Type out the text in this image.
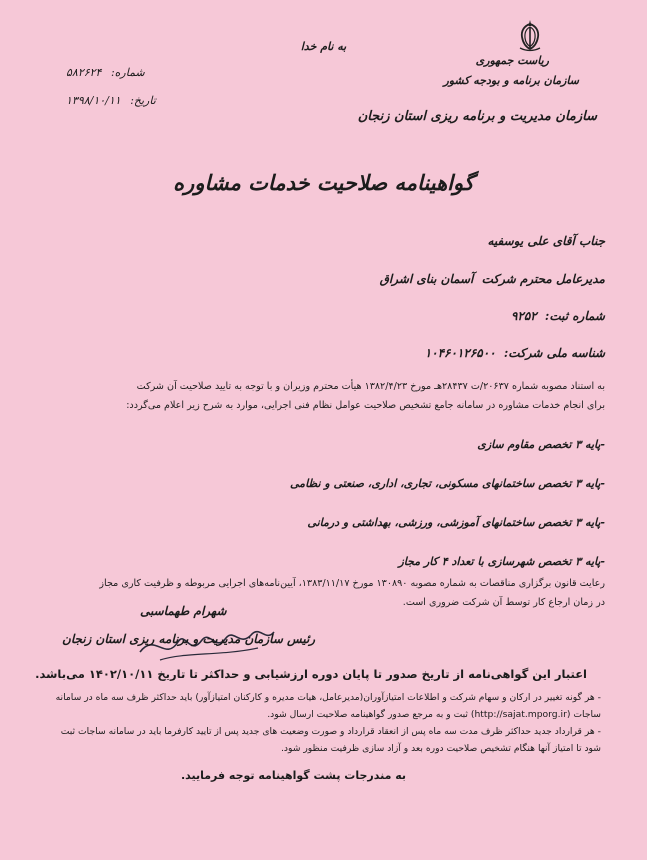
ریاست جمهوری
سازمان برنامه و بودجه کشور
سازمان مدیریت و برنامه ریزی استان زنجان
به نام خدا
شماره: ۵۸۲۶۲۴
تاریخ: ۱۳۹۸/۱۰/۱۱
گواهینامه صلاحیت خدمات مشاوره
جناب آقای علی یوسفیه
مدیرعامل محترم شرکت آسمان بنای اشراق
شماره ثبت: ۹۲۵۲
شناسه ملی شرکت: ۱۰۴۶۰۱۲۶۵۰۰
به استناد مصوبه شماره ۲۰۶۳۷/ت ۲۸۴۳۷هـ مورخ ۱۳۸۲/۴/۲۳ هیأت محترم وزیران و با توجه به تایید صلاحیت آن شرکت
برای انجام خدمات مشاوره در سامانه جامع تشخیص صلاحیت عوامل نظام فنی اجرایی، موارد به شرح زیر اعلام می‌گردد:
-پایه ۳ تخصص مقاوم سازی
-پایه ۳ تخصص ساختمانهای مسکونی، تجاری، اداری، صنعتی و نظامی
-پایه ۳ تخصص ساختمانهای آموزشی، ورزشی، بهداشتی و درمانی
-پایه ۳ تخصص شهرسازی با تعداد ۴ کار مجاز
رعایت قانون برگزاری مناقصات به شماره مصوبه ۱۳۰۸۹۰ مورخ ۱۳۸۳/۱۱/۱۷، آیین‌نامه‌های اجرایی مربوطه و ظرفیت کاری مجاز
در زمان ارجاع کار توسط آن شرکت ضروری است.
شهرام طهماسبی
رئیس سازمان مدیریت و برنامه ریزی استان زنجان
اعتبار این گواهی‌نامه از تاریخ صدور تا پایان دوره ارزشیابی و حداکثر تا تاریخ ۱۴۰۲/۱۰/۱۱ می‌باشد.
- هر گونه تغییر در ارکان و سهام شرکت و اطلاعات امتیازآوران(مدیرعامل، هیات مدیره و کارکنان امتیازآور) باید حداکثر ظرف سه ماه در سامانه
ساجات (http://sajat.mporg.ir) ثبت و به مرجع صدور گواهینامه صلاحیت ارسال شود.
- هر قرارداد جدید حداکثر ظرف مدت سه ماه پس از انعقاد قرارداد و صورت وضعیت های جدید پس از تایید کارفرما باید در سامانه ساجات ثبت
شود تا امتیاز آنها هنگام تشخیص صلاحیت دوره بعد و آزاد سازی ظرفیت منظور شود.
به مندرجات پشت گواهینامه توجه فرمایید.
